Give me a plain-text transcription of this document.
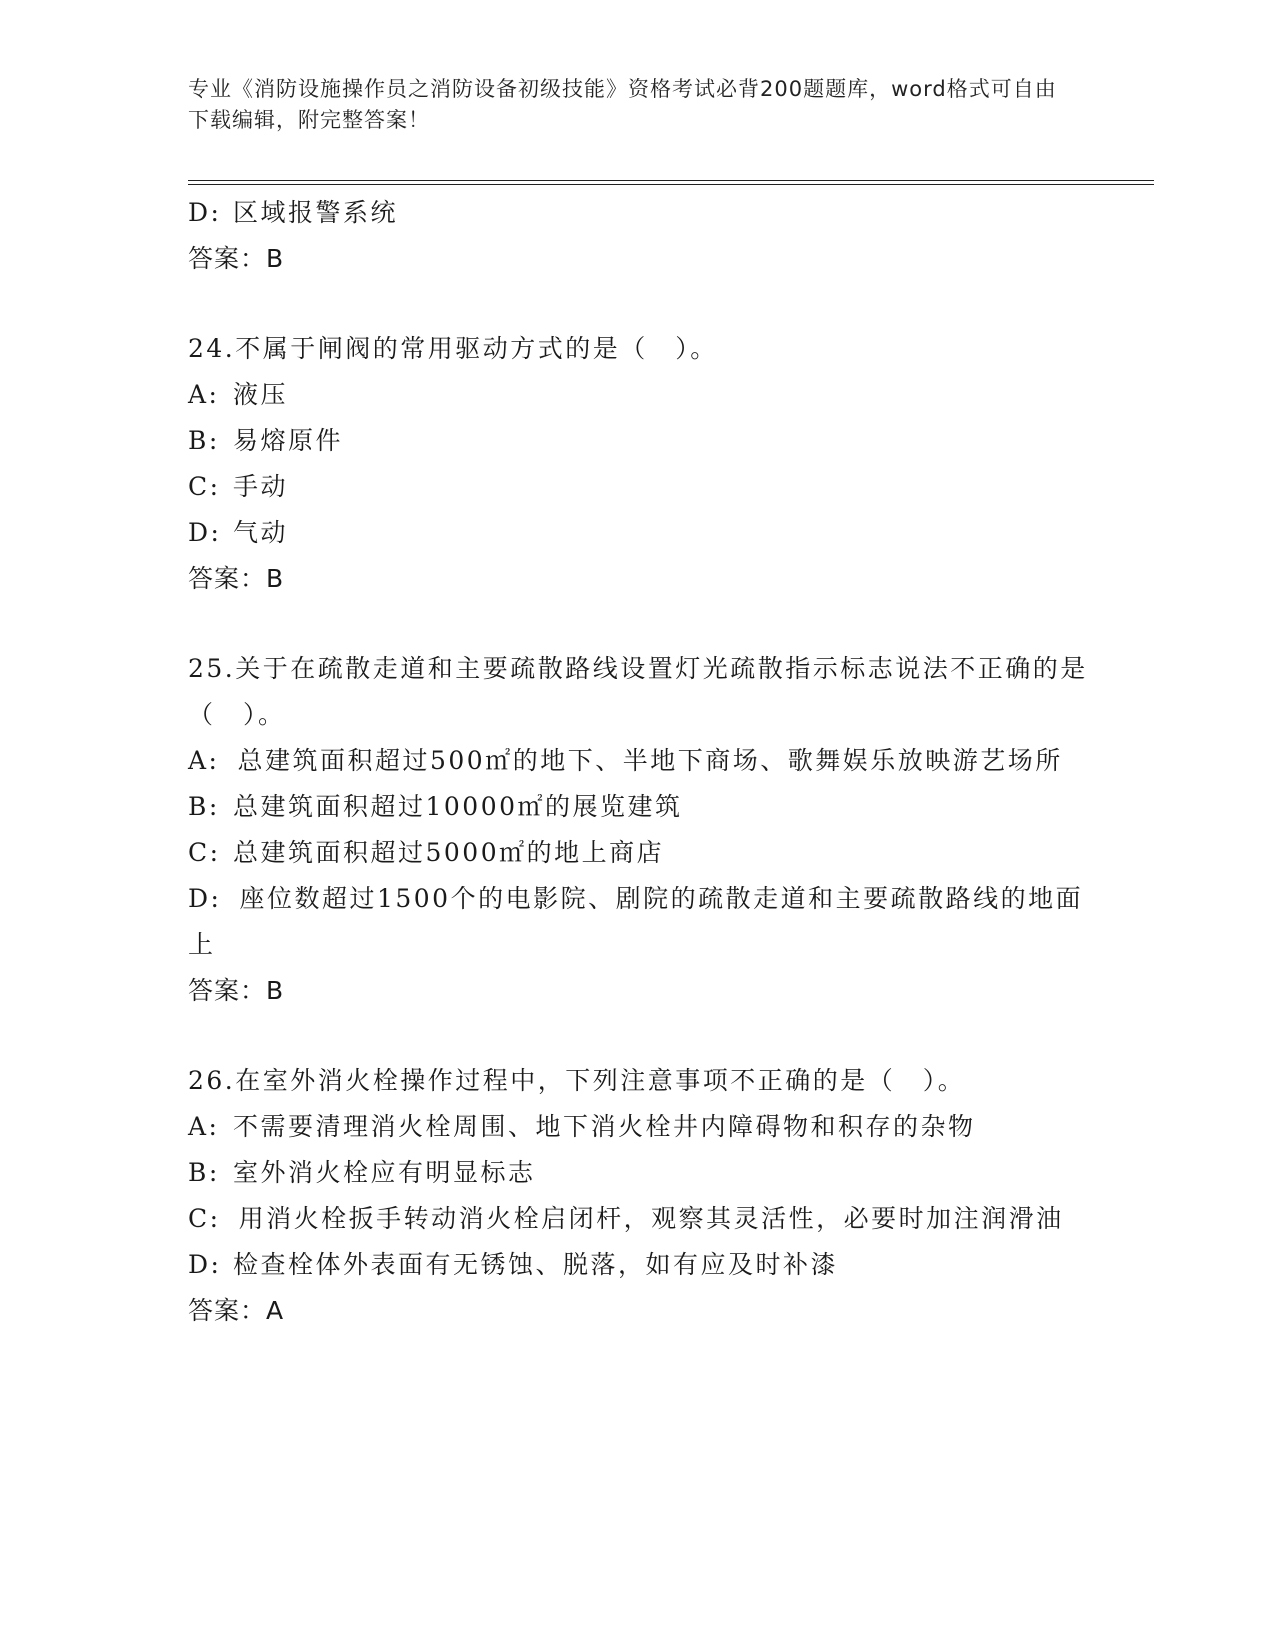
专业《消防设施操作员之消防设备初级技能》资格考试必背200题题库，word格式可自由下载编辑，附完整答案！
D: 区域报警系统
答案：B
24.不属于闸阀的常用驱动方式的是（　）。
A: 液压
B: 易熔原件
C: 手动
D: 气动
答案：B
25.关于在疏散走道和主要疏散路线设置灯光疏散指示标志说法不正确的是（　）。
A: 总建筑面积超过500㎡的地下、半地下商场、歌舞娱乐放映游艺场所
B: 总建筑面积超过10000㎡的展览建筑
C: 总建筑面积超过5000㎡的地上商店
D: 座位数超过1500个的电影院、剧院的疏散走道和主要疏散路线的地面上
答案：B
26.在室外消火栓操作过程中，下列注意事项不正确的是（　）。
A: 不需要清理消火栓周围、地下消火栓井内障碍物和积存的杂物
B: 室外消火栓应有明显标志
C: 用消火栓扳手转动消火栓启闭杆，观察其灵活性，必要时加注润滑油
D: 检查栓体外表面有无锈蚀、脱落，如有应及时补漆
答案：A
